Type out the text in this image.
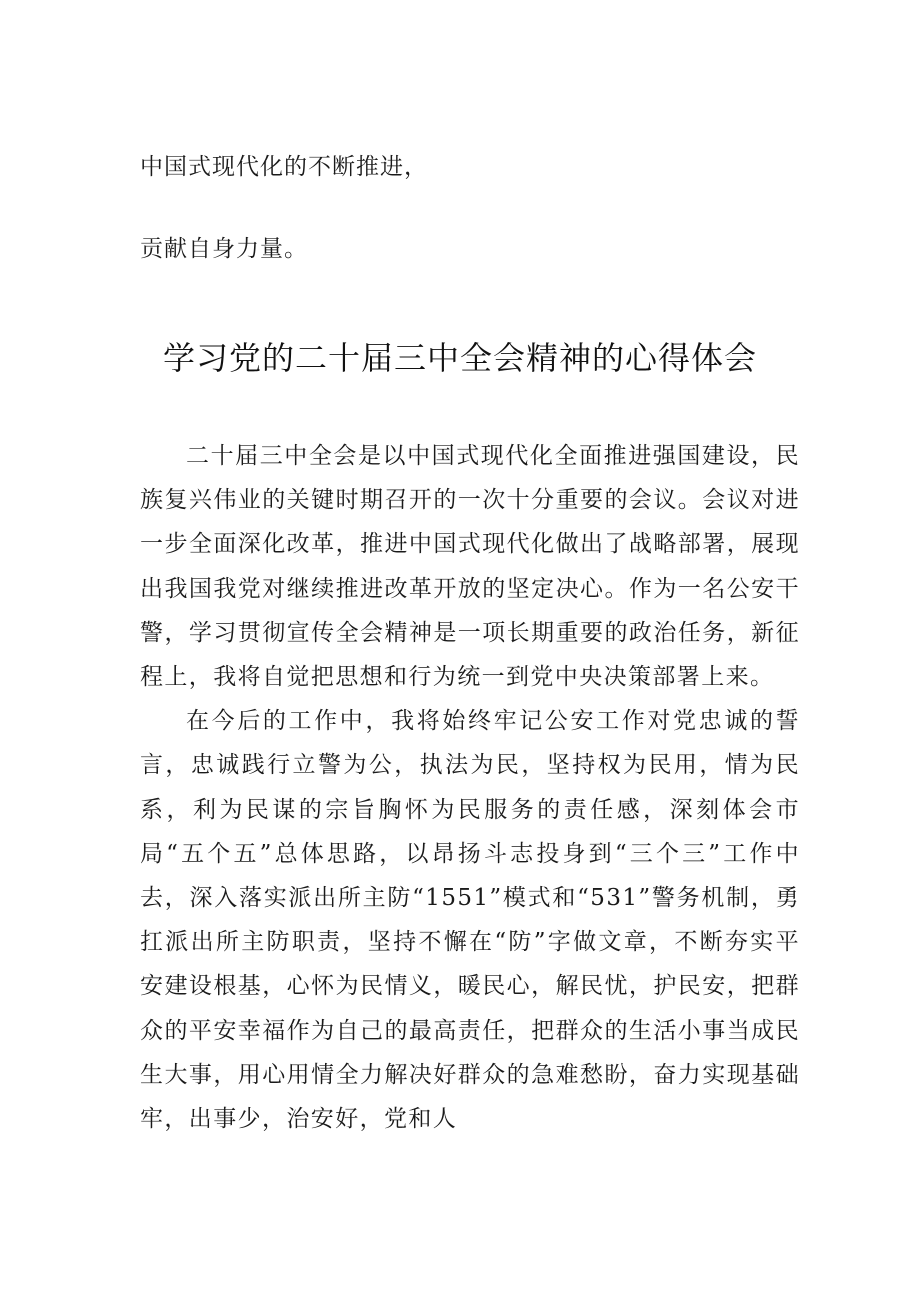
中国式现代化的不断推进，
贡献自身力量。
学习党的二十届三中全会精神的心得体会

二十届三中全会是以中国式现代化全面推进强国建设，民族复兴伟业的关键时期召开的一次十分重要的会议。会议对进一步全面深化改革，推进中国式现代化做出了战略部署，展现出我国我党对继续推进改革开放的坚定决心。作为一名公安干警，学习贯彻宣传全会精神是一项长期重要的政治任务，新征程上，我将自觉把思想和行为统一到党中央决策部署上来。

在今后的工作中，我将始终牢记公安工作对党忠诚的誓言，忠诚践行立警为公，执法为民，坚持权为民用，情为民系，利为民谋的宗旨胸怀为民服务的责任感，深刻体会市局“五个五”总体思路，以昂扬斗志投身到“三个三”工作中去，深入落实派出所主防“1551”模式和“531”警务机制，勇扛派出所主防职责，坚持不懈在“防”字做文章，不断夯实平安建设根基，心怀为民情义，暖民心，解民忧，护民安，把群众的平安幸福作为自己的最高责任，把群众的生活小事当成民生大事，用心用情全力解决好群众的急难愁盼，奋力实现基础牢，出事少，治安好，党和人
